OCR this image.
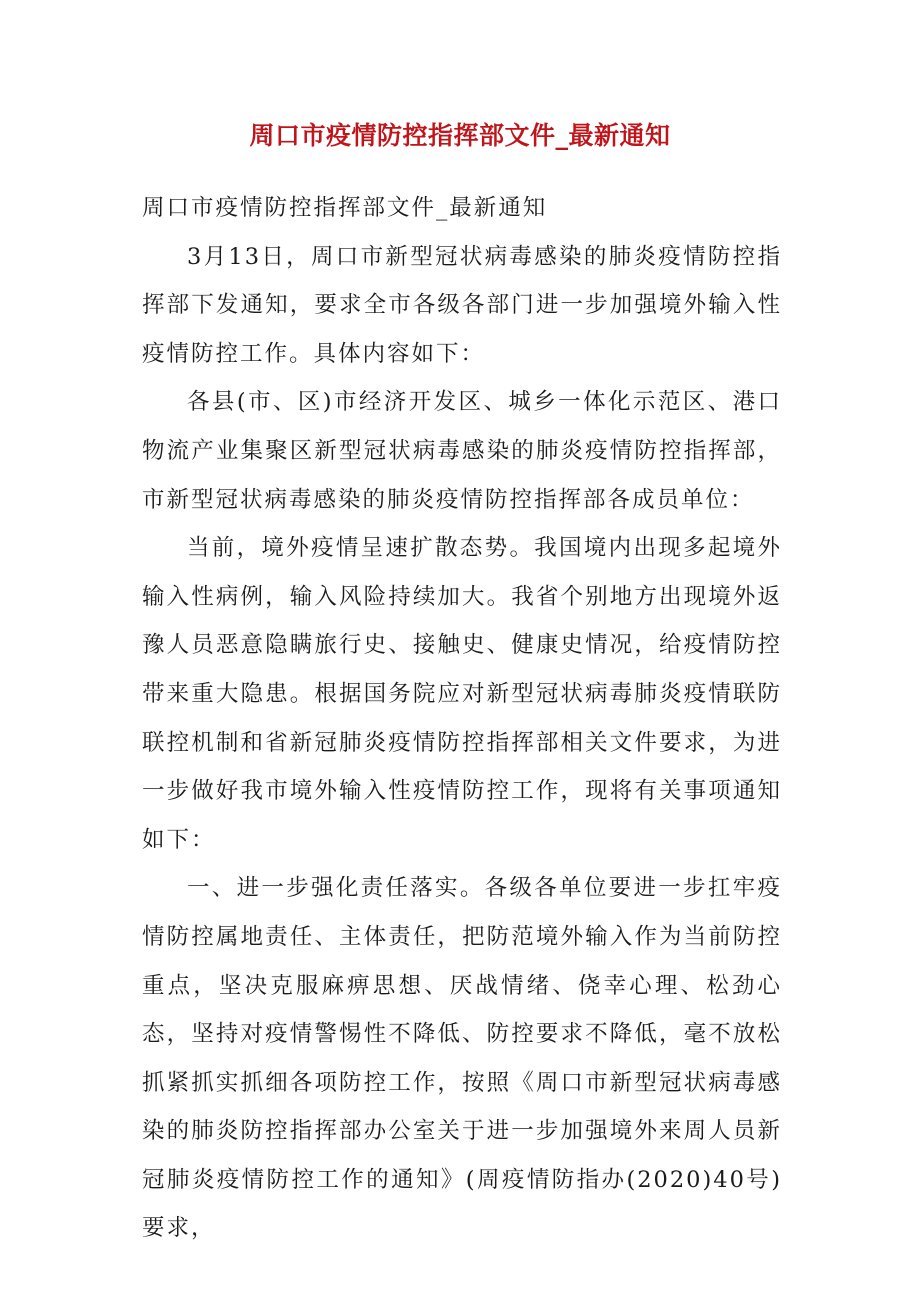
周口市疫情防控指挥部文件_最新通知

周口市疫情防控指挥部文件_最新通知

3月13日，周口市新型冠状病毒感染的肺炎疫情防控指挥部下发通知，要求全市各级各部门进一步加强境外输入性疫情防控工作。具体内容如下：

各县(市、区)市经济开发区、城乡一体化示范区、港口物流产业集聚区新型冠状病毒感染的肺炎疫情防控指挥部，市新型冠状病毒感染的肺炎疫情防控指挥部各成员单位：

当前，境外疫情呈速扩散态势。我国境内出现多起境外输入性病例，输入风险持续加大。我省个别地方出现境外返豫人员恶意隐瞒旅行史、接触史、健康史情况，给疫情防控带来重大隐患。根据国务院应对新型冠状病毒肺炎疫情联防联控机制和省新冠肺炎疫情防控指挥部相关文件要求，为进一步做好我市境外输入性疫情防控工作，现将有关事项通知如下：

一、进一步强化责任落实。各级各单位要进一步扛牢疫情防控属地责任、主体责任，把防范境外输入作为当前防控重点，坚决克服麻痹思想、厌战情绪、侥幸心理、松劲心态，坚持对疫情警惕性不降低、防控要求不降低，毫不放松抓紧抓实抓细各项防控工作，按照《周口市新型冠状病毒感染的肺炎防控指挥部办公室关于进一步加强境外来周人员新冠肺炎疫情防控工作的通知》(周疫情防指办(2020)40号)要求，
